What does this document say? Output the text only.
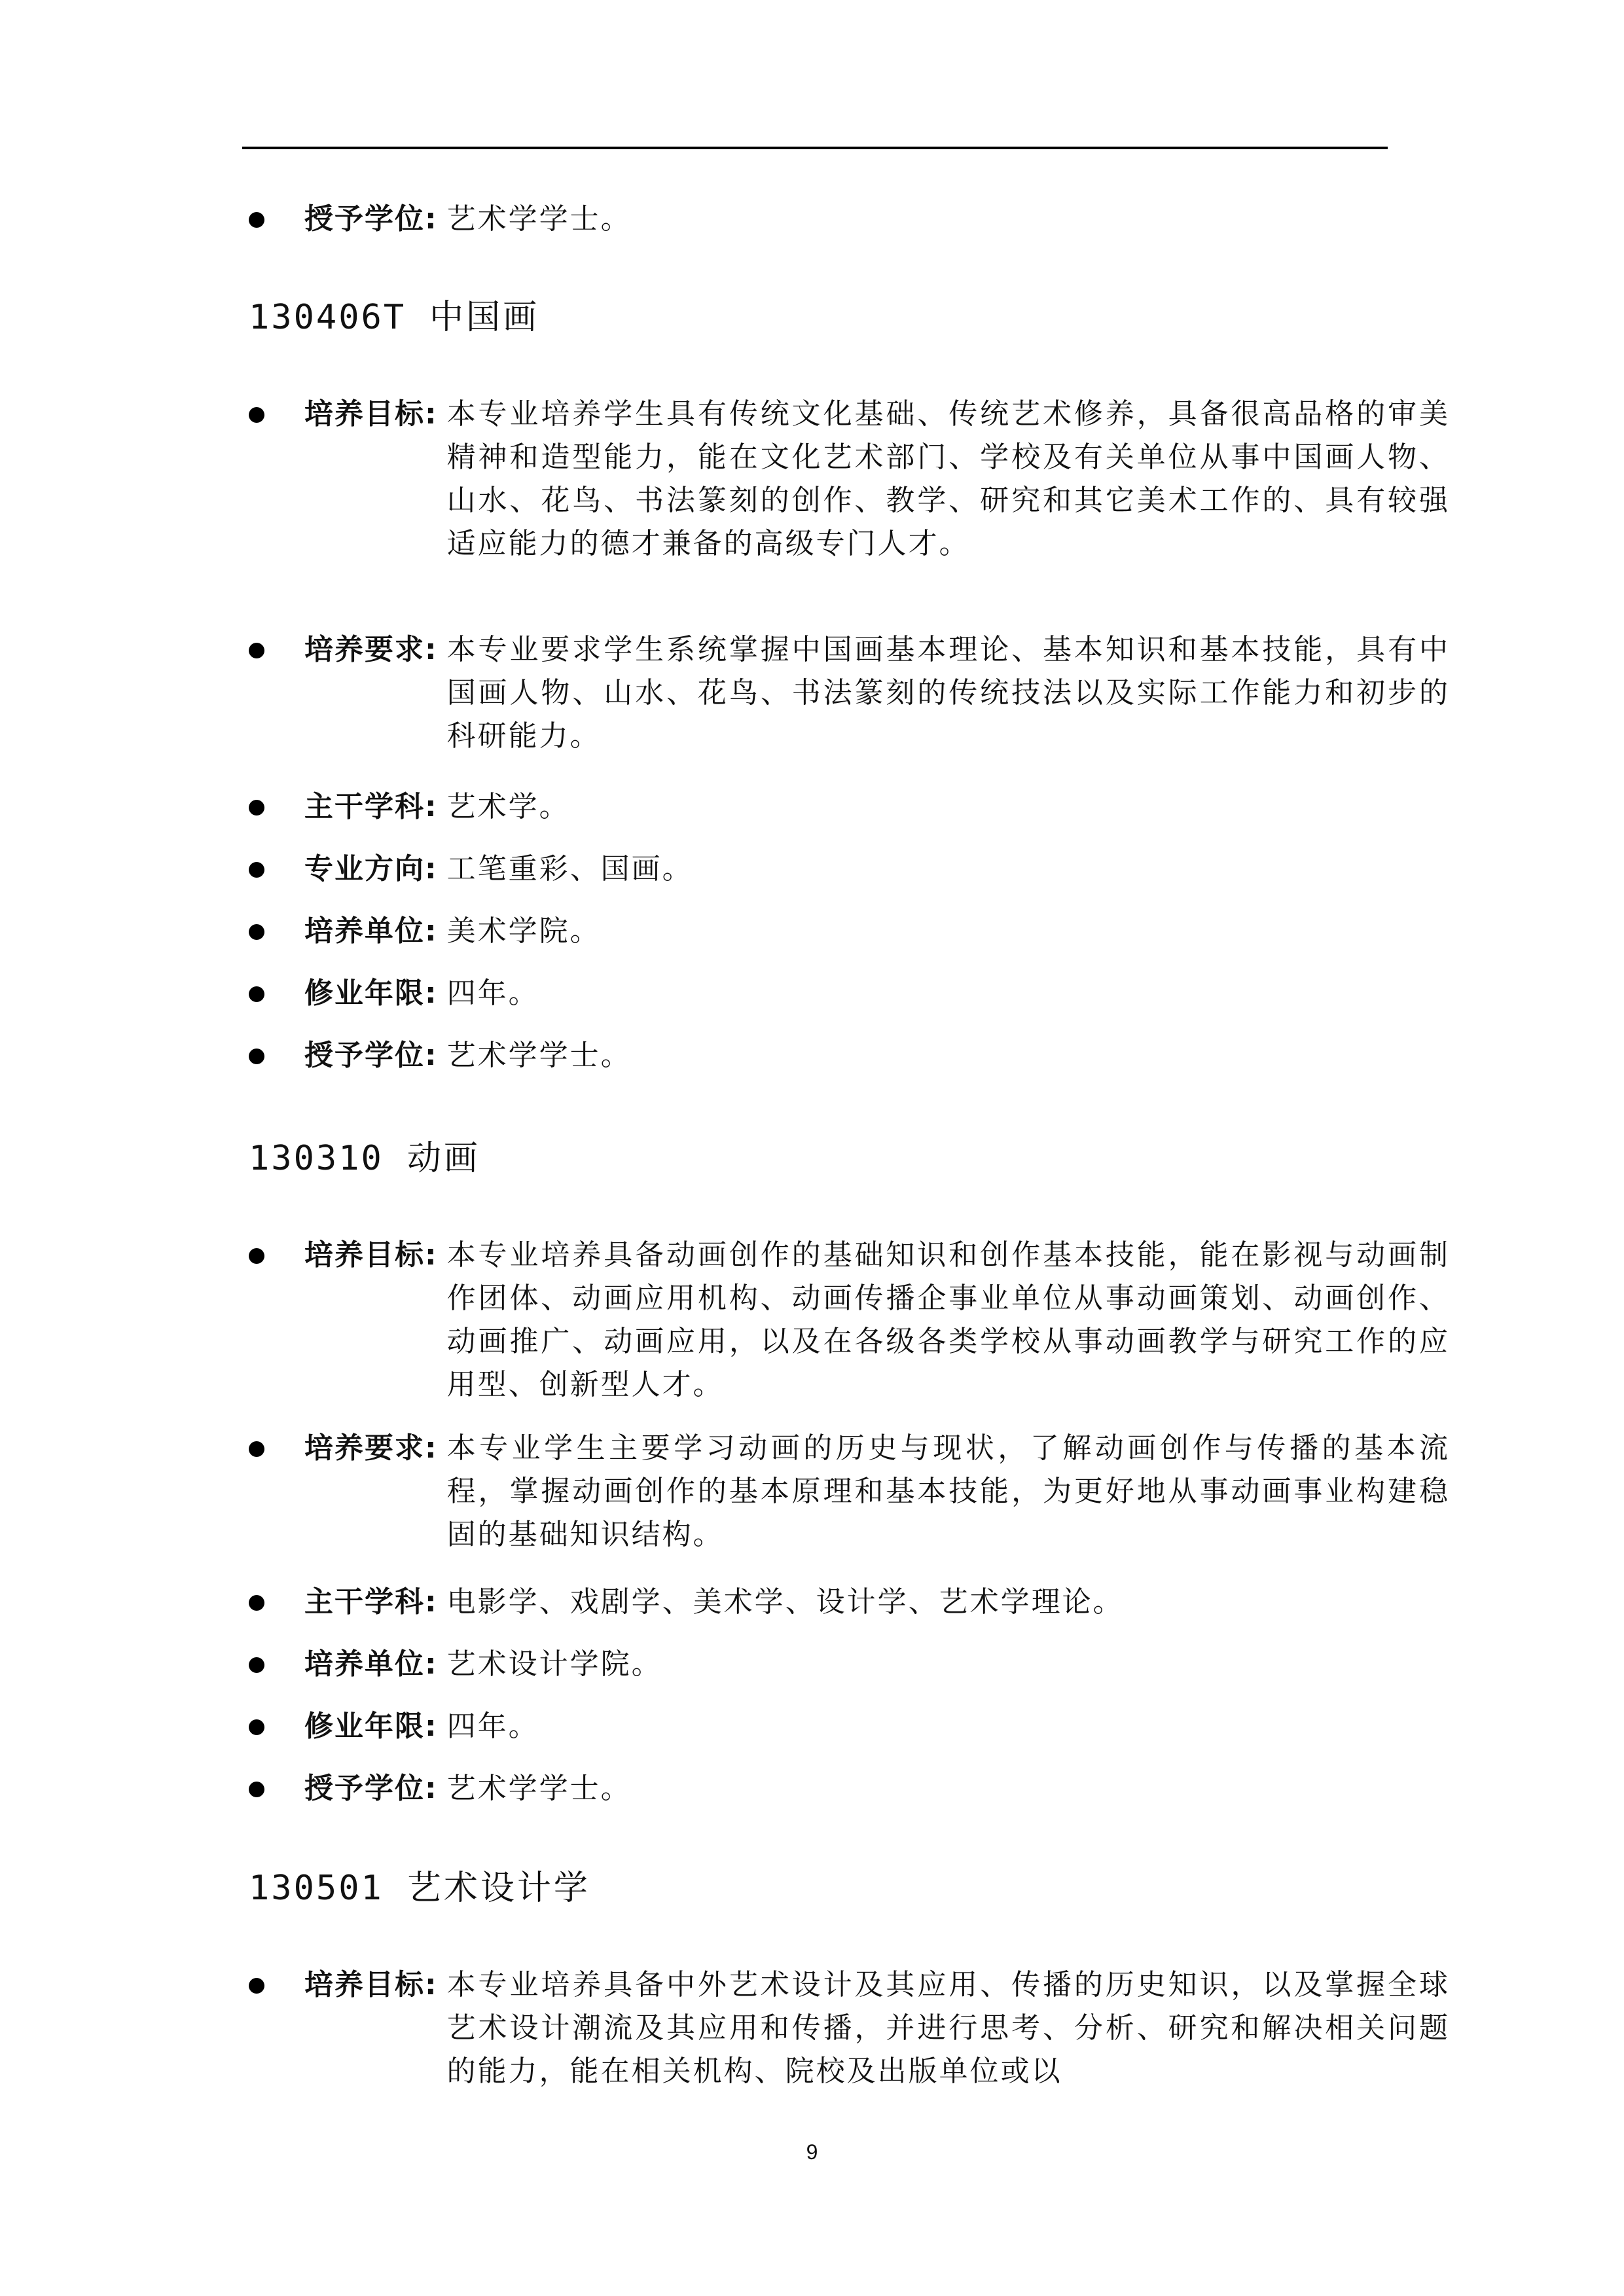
授予学位 : 艺术学学士。
130406T 中国画
培养目标 : 本专业培养学生具有传统文化基础、传统艺术修养，具备很高品格的审美精神和造型能力，能在文化艺术部门、学校及有关单位从事中国画人物、山水、花鸟、书法篆刻的创作、教学、研究和其它美术工作的、具有较强适应能力的德才兼备的高级专门人才。
培养要求 : 本专业要求学生系统掌握中国画基本理论、基本知识和基本技能，具有中国画人物、山水、花鸟、书法篆刻的传统技法以及实际工作能力和初步的科研能力。
主干学科 : 艺术学。
专业方向 : 工笔重彩、国画。
培养单位 : 美术学院。
修业年限 : 四年。
授予学位 : 艺术学学士。
130310 动画
培养目标 : 本专业培养具备动画创作的基础知识和创作基本技能，能在影视与动画制作团体、动画应用机构、动画传播企事业单位从事动画策划、动画创作、动画推广、动画应用，以及在各级各类学校从事动画教学与研究工作的应用型、创新型人才。
培养要求 : 本专业学生主要学习动画的历史与现状，了解动画创作与传播的基本流程，掌握动画创作的基本原理和基本技能，为更好地从事动画事业构建稳固的基础知识结构。
主干学科 : 电影学、戏剧学、美术学、设计学、艺术学理论。
培养单位 : 艺术设计学院。
修业年限 : 四年。
授予学位 : 艺术学学士。
130501 艺术设计学
培养目标 : 本专业培养具备中外艺术设计及其应用、传播的历史知识，以及掌握全球艺术设计潮流及其应用和传播，并进行思考、分析、研究和解决相关问题的能力，能在相关机构、院校及出版单位或以
9
